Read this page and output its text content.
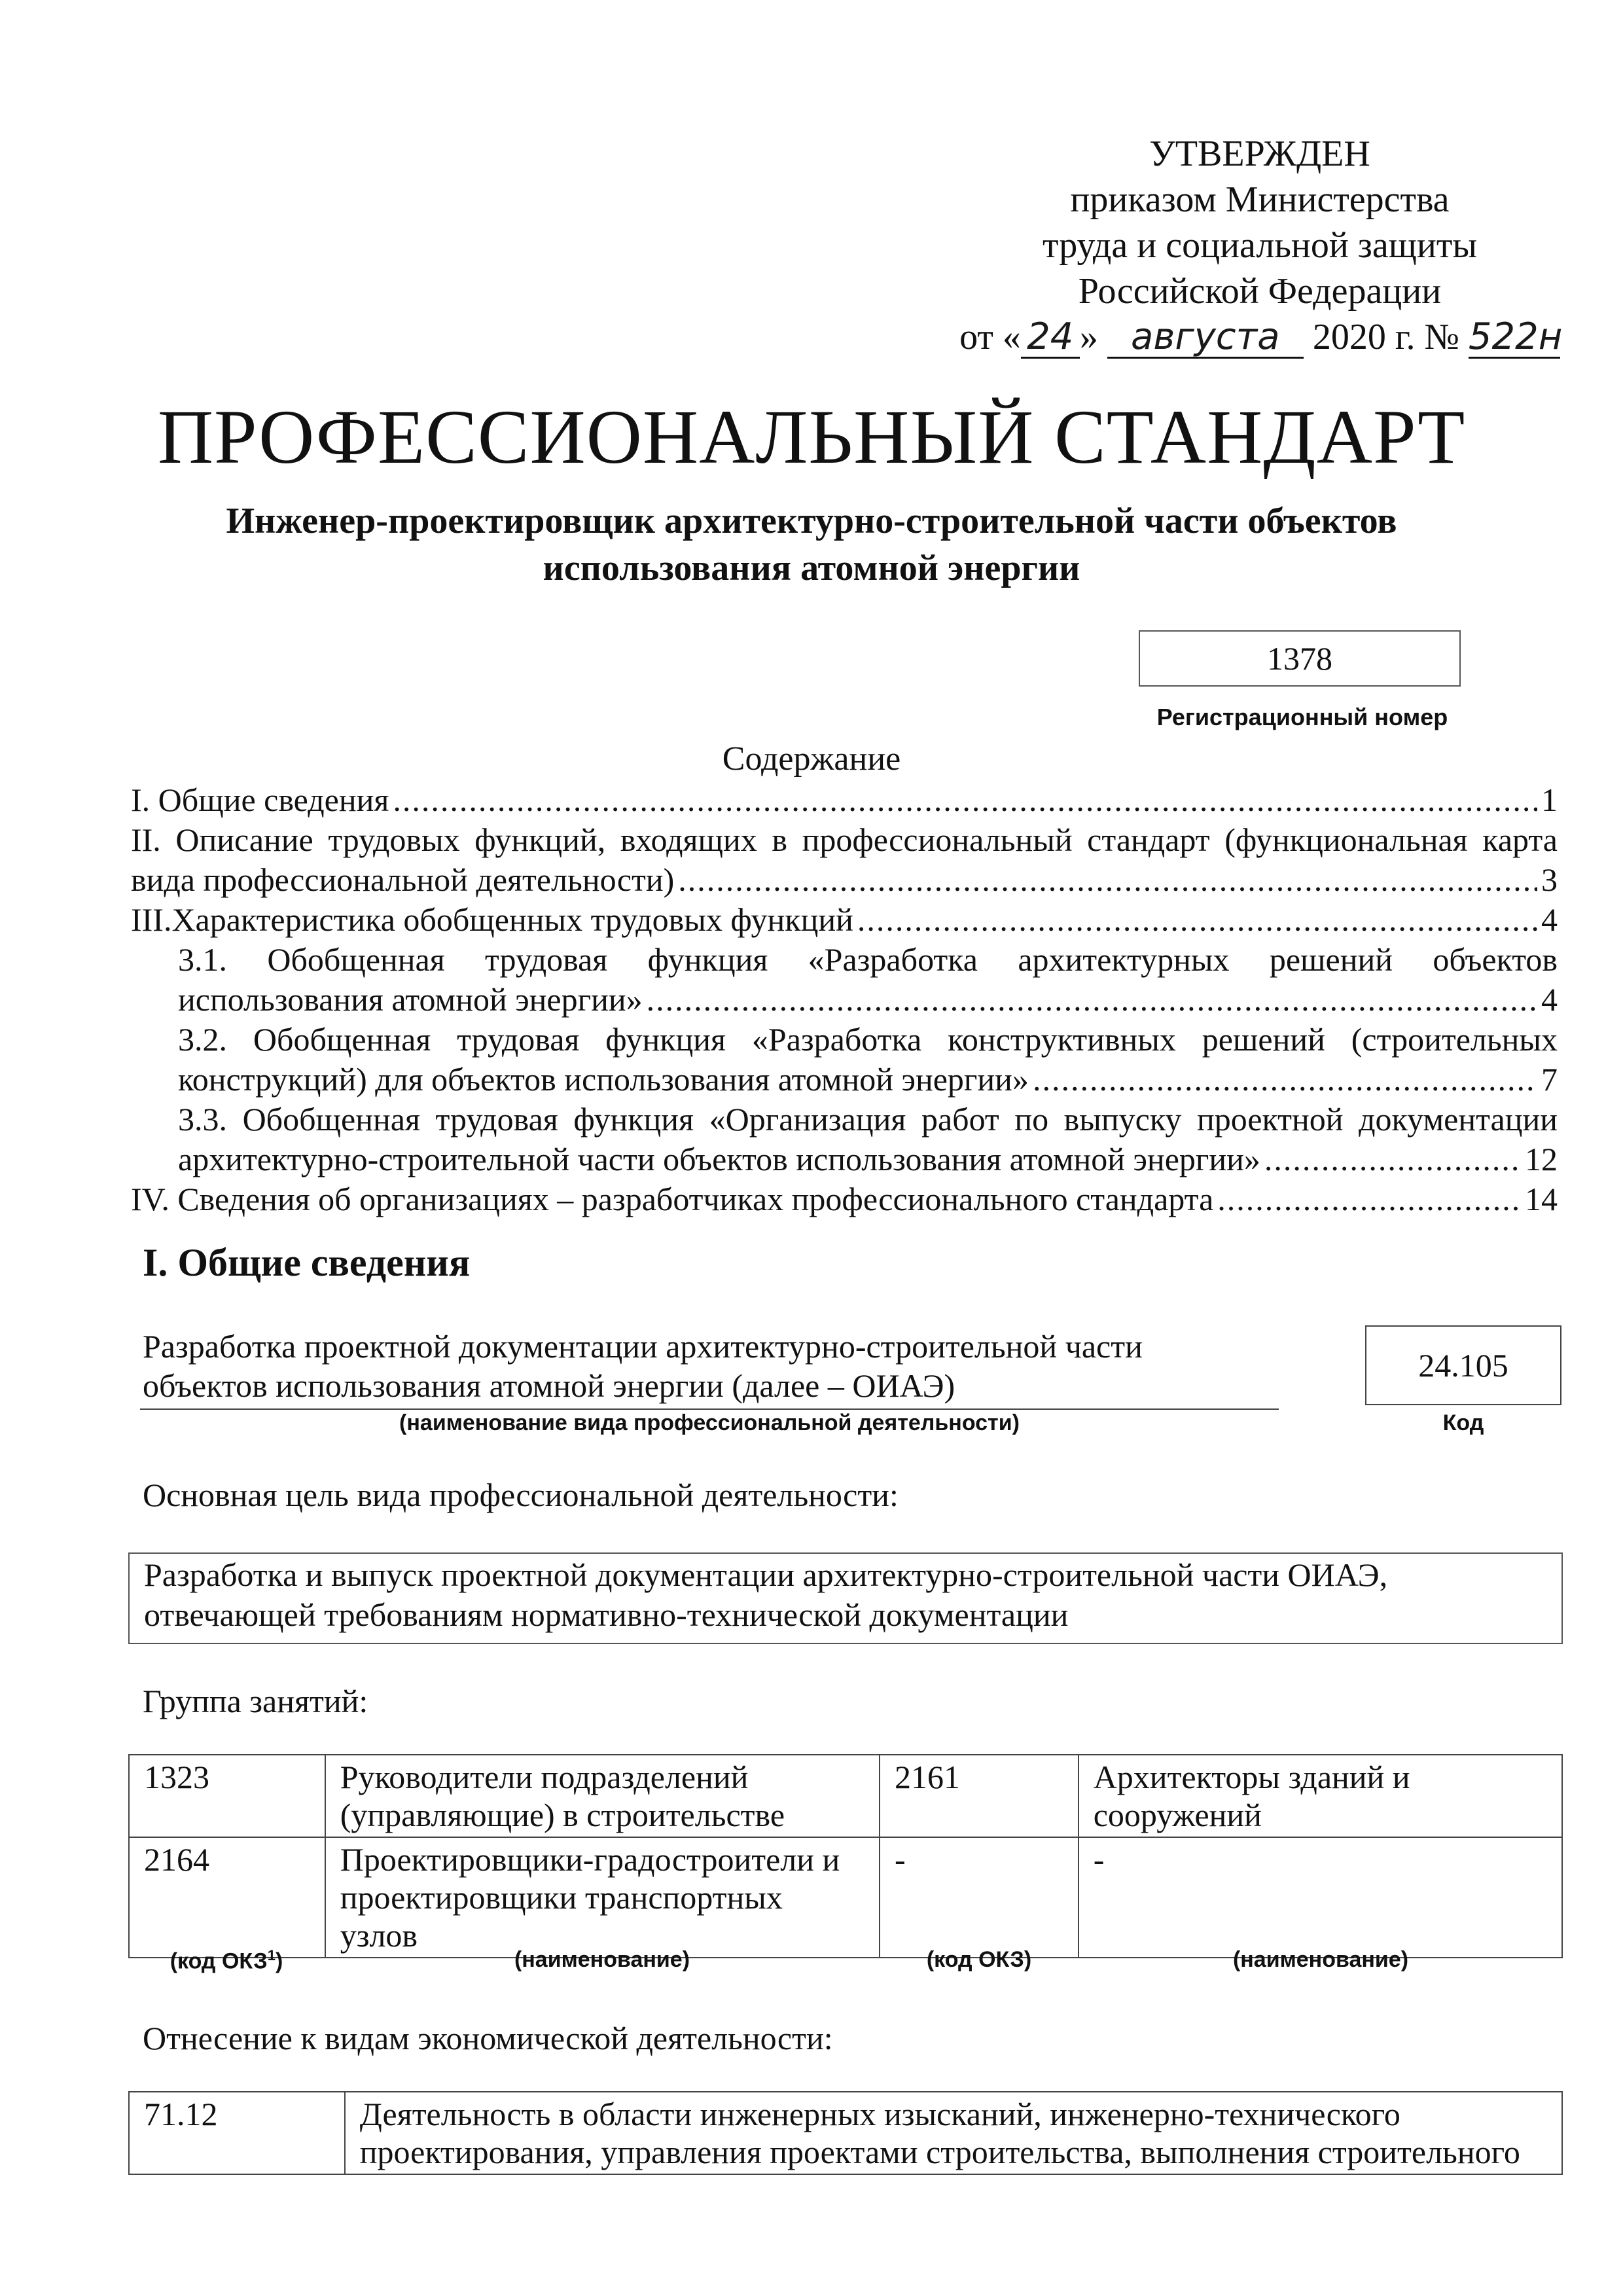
УТВЕРЖДЕН
приказом Министерства
труда и социальной защиты
Российской Федерации
от « 24 » августа 2020 г. № 522н
ПРОФЕССИОНАЛЬНЫЙ СТАНДАРТ
Инженер-проектировщик архитектурно-строительной части объектов использования атомной энергии
1378
Регистрационный номер
Содержание
I. Общие сведения .....	1
II. Описание трудовых функций, входящих в профессиональный стандарт (функциональная карта
вида профессиональной деятельности) .....	3
III.Характеристика обобщенных трудовых функций .....	4
3.1. Обобщенная трудовая функция «Разработка архитектурных решений объектов
использования атомной энергии» .....	4
3.2. Обобщенная трудовая функция «Разработка конструктивных решений (строительных
конструкций) для объектов использования атомной энергии» .....	7
3.3. Обобщенная трудовая функция «Организация работ по выпуску проектной документации
архитектурно-строительной части объектов использования атомной энергии» .....	12
IV. Сведения об организациях – разработчиках профессионального стандарта .....	14
I. Общие сведения
Разработка проектной документации архитектурно-строительной части
объектов использования атомной энергии (далее – ОИАЭ)
(наименование вида профессиональной деятельности)
24.105
Код
Основная цель вида профессиональной деятельности:
Разработка и выпуск проектной документации архитектурно-строительной части ОИАЭ,
отвечающей требованиям нормативно-технической документации
Группа занятий:
1323	Руководители подразделений (управляющие) в строительстве	2161	Архитекторы зданий и сооружений
2164	Проектировщики-градостроители и проектировщики транспортных узлов	-	-
(код ОКЗ$^1$)	(наименование)	(код ОКЗ)	(наименование)
Отнесение к видам экономической деятельности:
71.12	Деятельность в области инженерных изысканий, инженерно-технического проектирования, управления проектами строительства, выполнения строительного
